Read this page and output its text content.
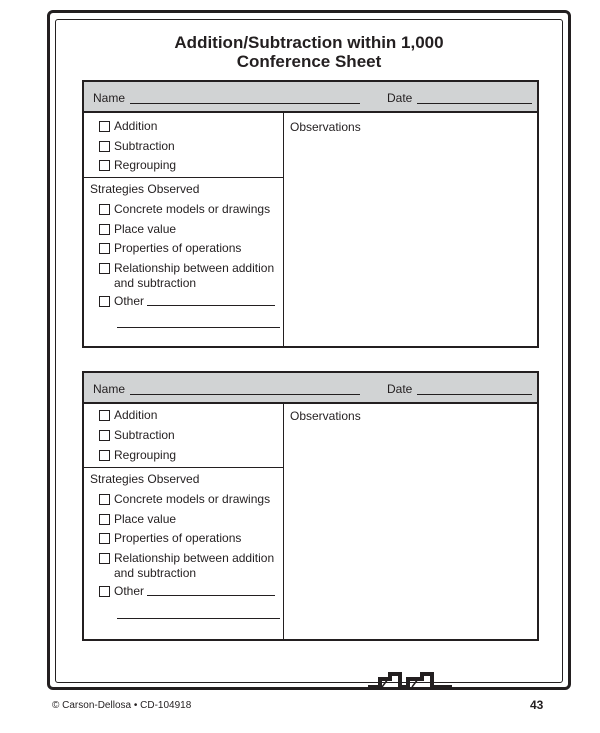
Addition/Subtraction within 1,000
Conference Sheet
Name	Date
Observations
Addition
Subtraction
Regrouping
Strategies Observed
Concrete models or drawings
Place value
Properties of operations
Relationship between addition
and subtraction
Other
Name	Date
Observations
Addition
Subtraction
Regrouping
Strategies Observed
Concrete models or drawings
Place value
Properties of operations
Relationship between addition
and subtraction
Other
© Carson-Dellosa • CD-104918	43
